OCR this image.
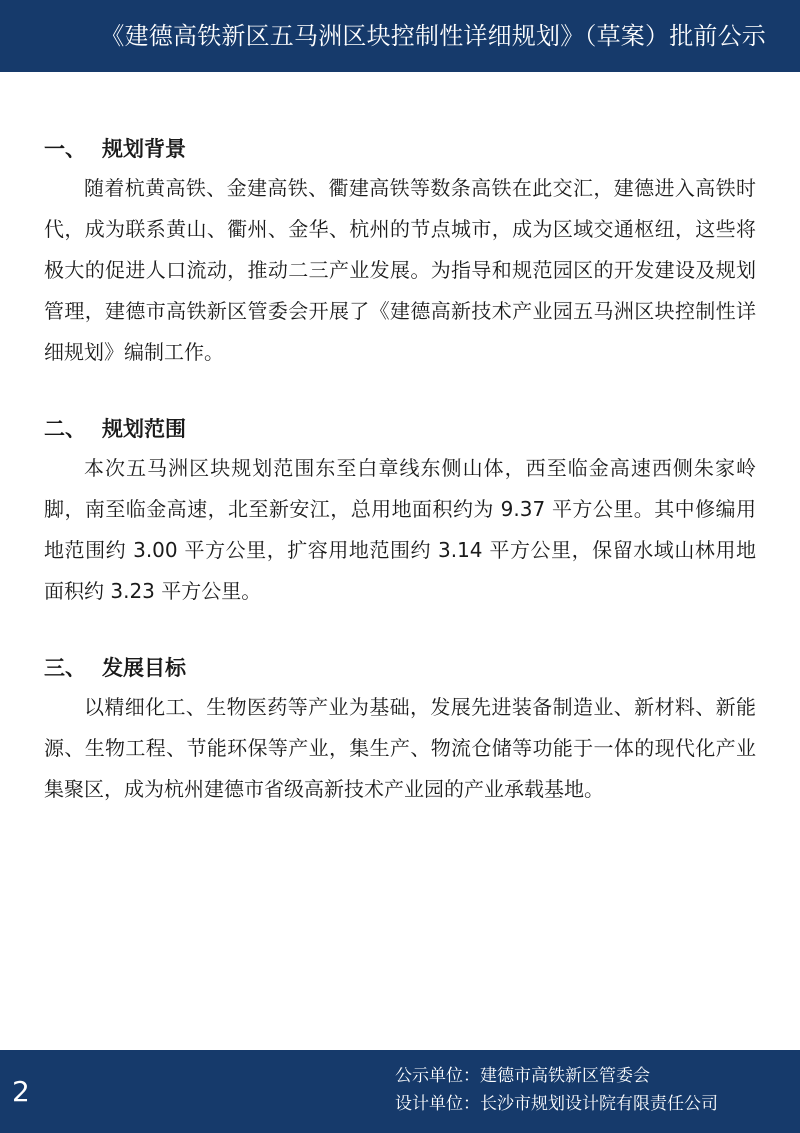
《建德高铁新区五马洲区块控制性详细规划》（草案）批前公示
一、 规划背景

随着杭黄高铁、金建高铁、衢建高铁等数条高铁在此交汇，建德进入高铁时代，成为联系黄山、衢州、金华、杭州的节点城市，成为区域交通枢纽，这些将极大的促进人口流动，推动二三产业发展。为指导和规范园区的开发建设及规划管理，建德市高铁新区管委会开展了《建德高新技术产业园五马洲区块控制性详细规划》编制工作。

二、 规划范围

本次五马洲区块规划范围东至白章线东侧山体，西至临金高速西侧朱家岭脚，南至临金高速，北至新安江，总用地面积约为 9.37 平方公里。其中修编用地范围约 3.00 平方公里，扩容用地范围约 3.14 平方公里，保留水域山林用地面积约 3.23 平方公里。

三、 发展目标

以精细化工、生物医药等产业为基础，发展先进装备制造业、新材料、新能源、生物工程、节能环保等产业，集生产、物流仓储等功能于一体的现代化产业集聚区，成为杭州建德市省级高新技术产业园的产业承载基地。

2	公示单位：建德市高铁新区管委会
设计单位：长沙市规划设计院有限责任公司
